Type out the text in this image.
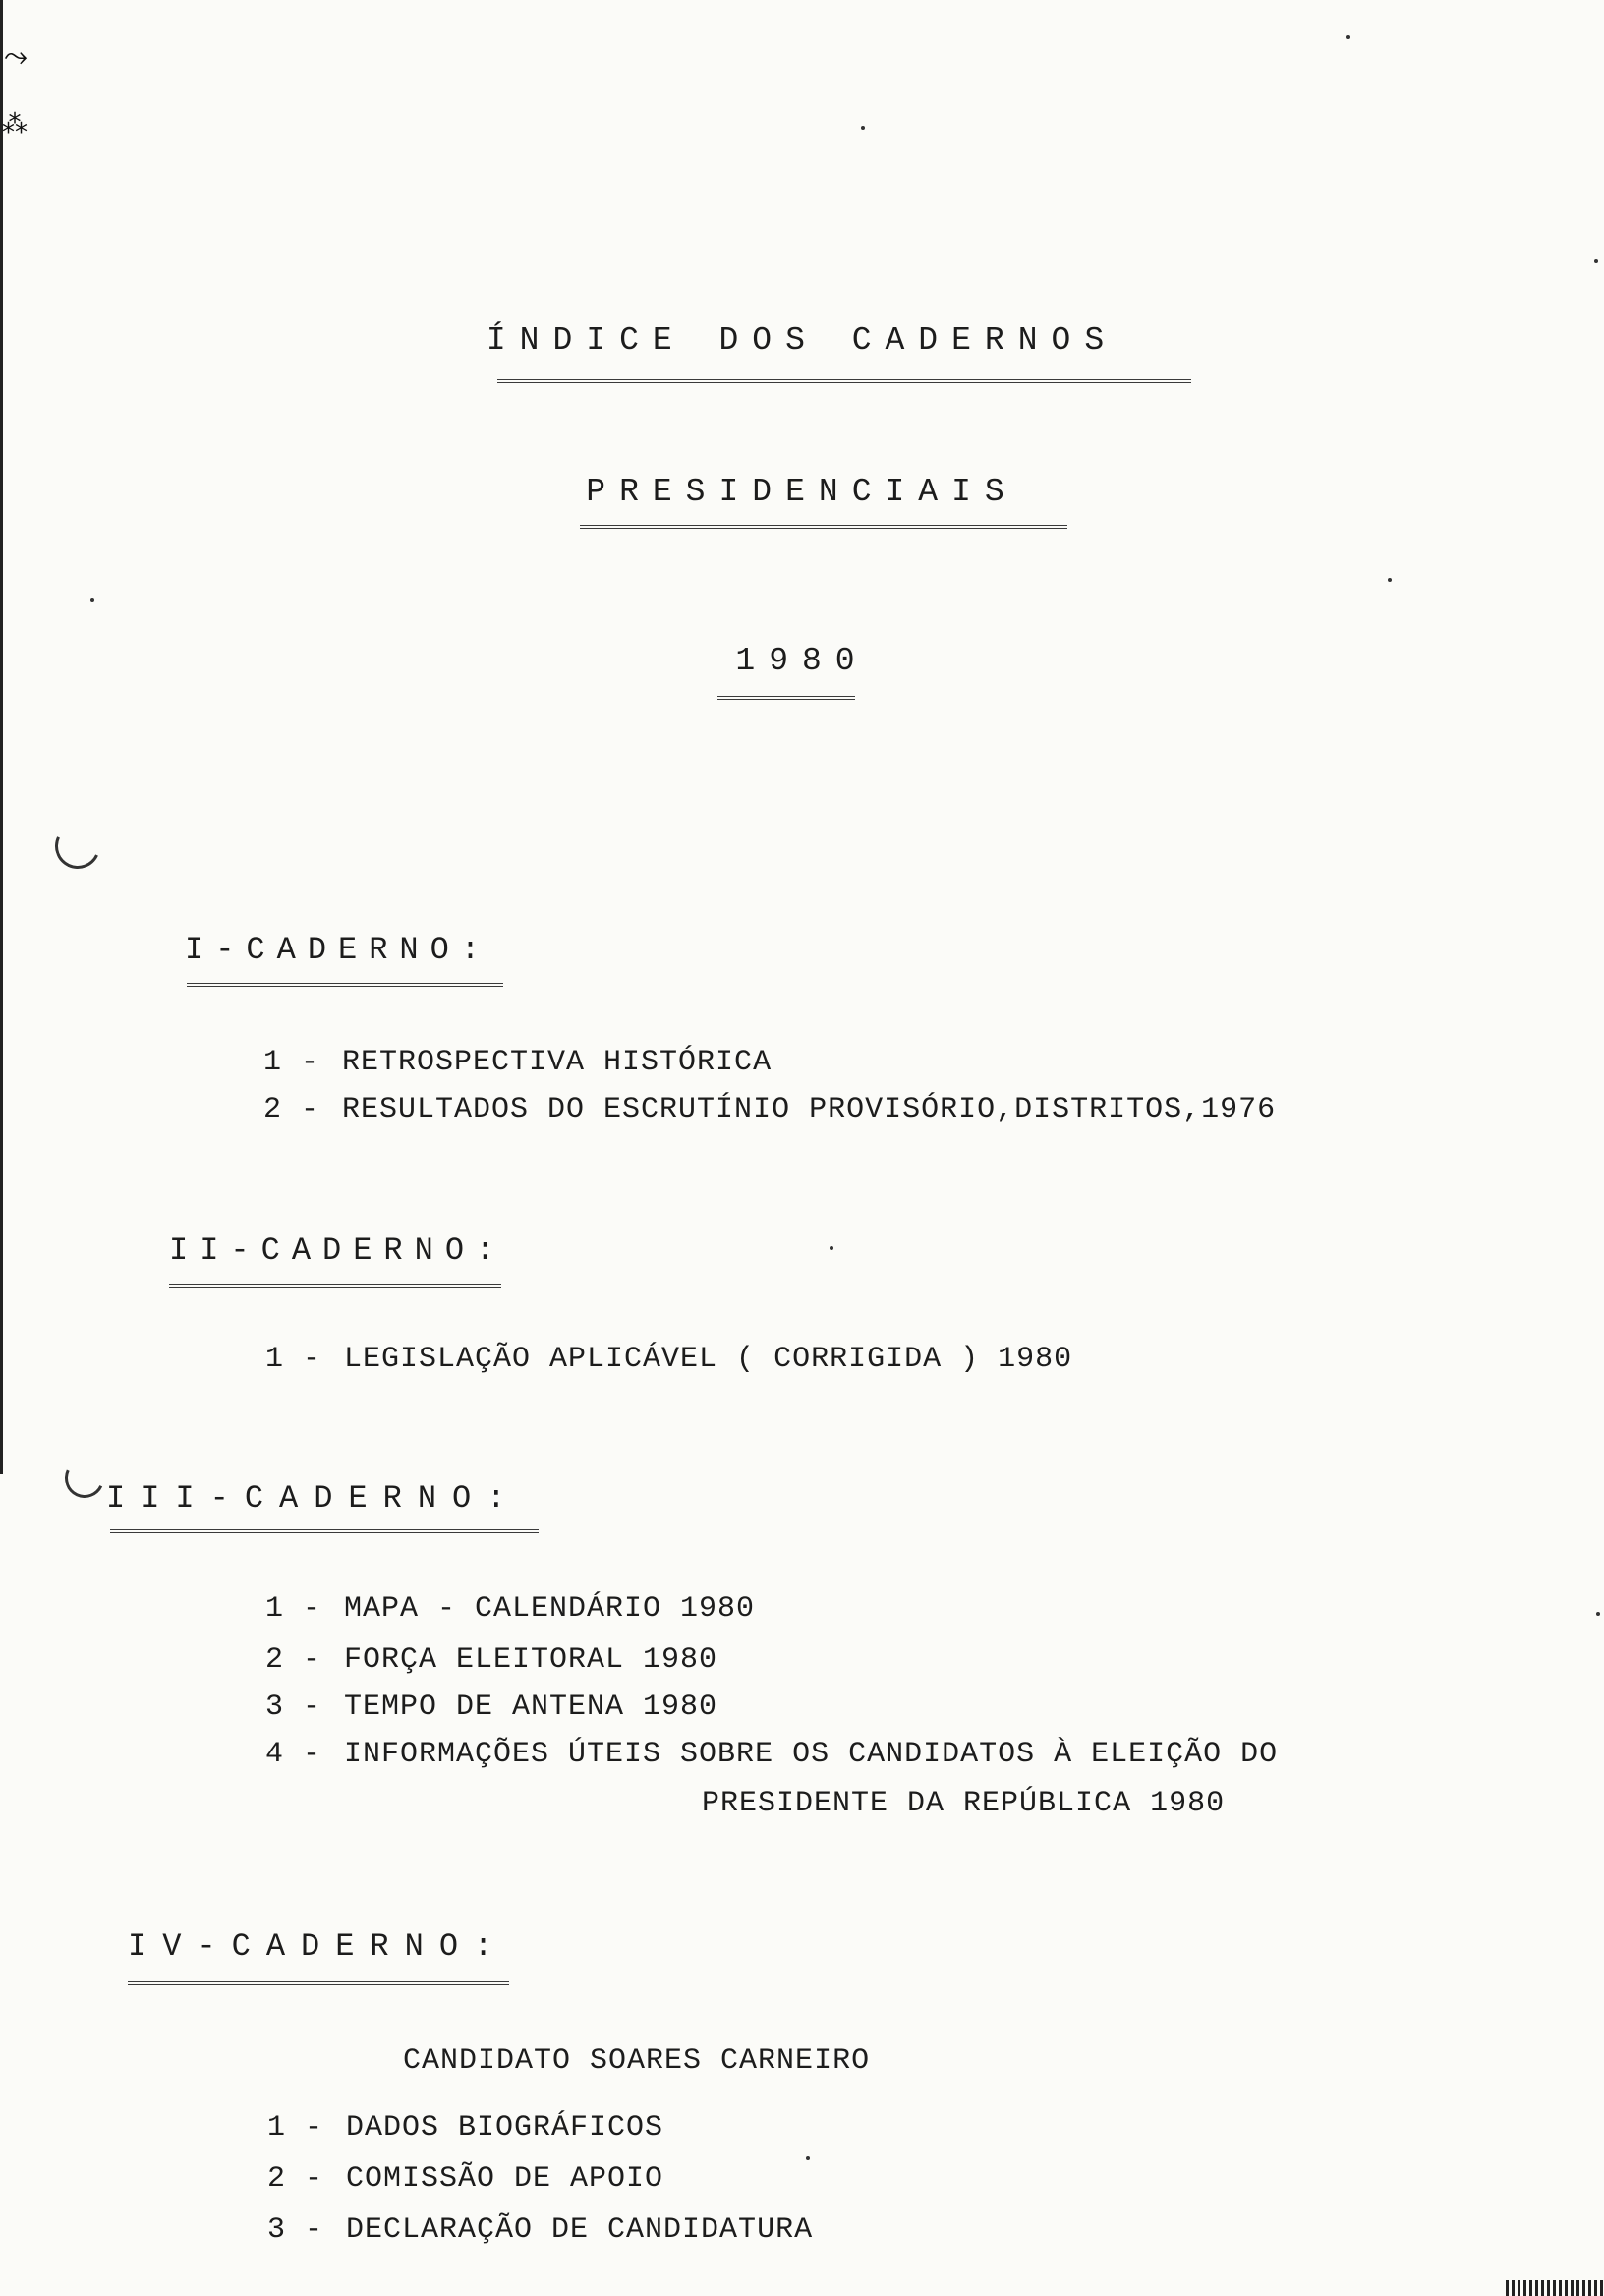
⤳
⁂
ÍNDICE DOS CADERNOS
PRESIDENCIAIS
1980
I-CADERNO:
1 - RETROSPECTIVA HISTÓRICA
2 - RESULTADOS DO ESCRUTÍNIO PROVISÓRIO,DISTRITOS,1976
II-CADERNO:
1 - LEGISLAÇÃO APLICÁVEL ( CORRIGIDA ) 1980
III-CADERNO:
1 - MAPA - CALENDÁRIO 1980
2 - FORÇA ELEITORAL 1980
3 - TEMPO DE ANTENA 1980
4 - INFORMAÇÕES ÚTEIS SOBRE OS CANDIDATOS À ELEIÇÃO DO
PRESIDENTE DA REPÚBLICA 1980
IV-CADERNO:
CANDIDATO SOARES CARNEIRO
1 - DADOS BIOGRÁFICOS
2 - COMISSÃO DE APOIO
3 - DECLARAÇÃO DE CANDIDATURA
